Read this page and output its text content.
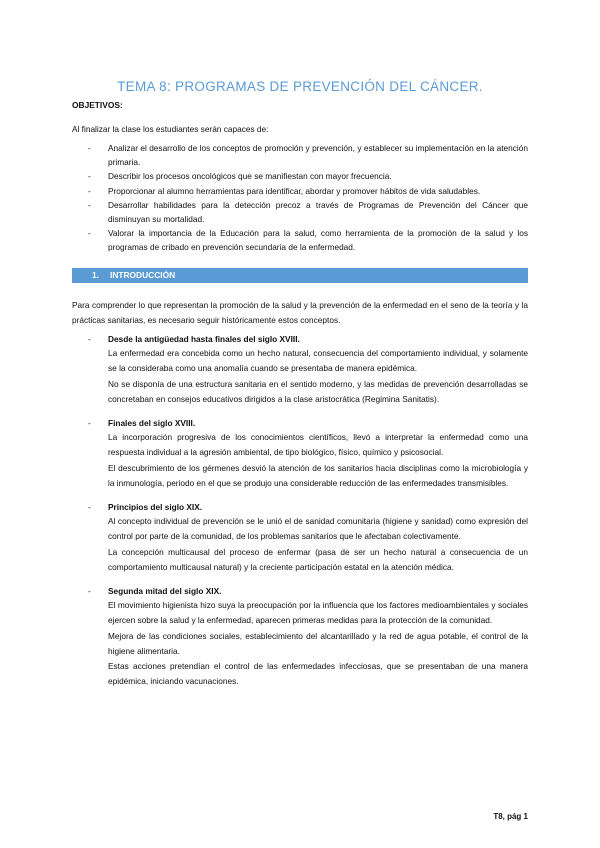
TEMA 8: PROGRAMAS DE PREVENCIÓN DEL CÁNCER.
OBJETIVOS:
Al finalizar la clase los estudiantes serán capaces de:
- Analizar el desarrollo de los conceptos de promoción y prevención, y establecer su implementación en la atención primaria.
- Describir los procesos oncológicos que se manifiestan con mayor frecuencia.
- Proporcionar al alumno herramientas para identificar, abordar y promover hábitos de vida saludables.
- Desarrollar habilidades para la detección precoz a través de Programas de Prevención del Cáncer que disminuyan su mortalidad.
- Valorar la importancia de la Educación para la salud, como herramienta de la promoción de la salud y los programas de cribado en prevención secundaria de la enfermedad.
1. INTRODUCCIÓN
Para comprender lo que representan la promoción de la salud y la prevención de la enfermedad en el seno de la teoría y la prácticas sanitarias, es necesario seguir históricamente estos conceptos.
- Desde la antigüedad hasta finales del siglo XVIII.

La enfermedad era concebida como un hecho natural, consecuencia del comportamiento individual, y solamente se la consideraba como una anomalía cuando se presentaba de manera epidémica.

No se disponía de una estructura sanitaria en el sentido moderno, y las medidas de prevención desarrolladas se concretaban en consejos educativos dirigidos a la clase aristocrática (Regimina Sanitatis).

- Finales del siglo XVIII.

La incorporación progresiva de los conocimientos científicos, llevó a interpretar la enfermedad como una respuesta individual a la agresión ambiental, de tipo biológico, físico, químico y psicosocial.

El descubrimiento de los gérmenes desvió la atención de los sanitarios hacia disciplinas como la microbiología y la inmunología, periodo en el que se produjo una considerable reducción de las enfermedades transmisibles.

- Principios del siglo XIX.

Al concepto individual de prevención se le unió el de sanidad comunitaria (higiene y sanidad) como expresión del control por parte de la comunidad, de los problemas sanitarios que le afectaban colectivamente.

La concepción multicausal del proceso de enfermar (pasa de ser un hecho natural a consecuencia de un comportamiento multicausal natural) y la creciente participación estatal en la atención médica.

- Segunda mitad del siglo XIX.

El movimiento higienista hizo suya la preocupación por la influencia que los factores medioambientales y sociales ejercen sobre la salud y la enfermedad, aparecen primeras medidas para la protección de la comunidad.

Mejora de las condiciones sociales, establecimiento del alcantarillado y la red de agua potable, el control de la higiene alimentaria.

Estas acciones pretendían el control de las enfermedades infecciosas, que se presentaban de una manera epidémica, iniciando vacunaciones.

T8, pág 1
